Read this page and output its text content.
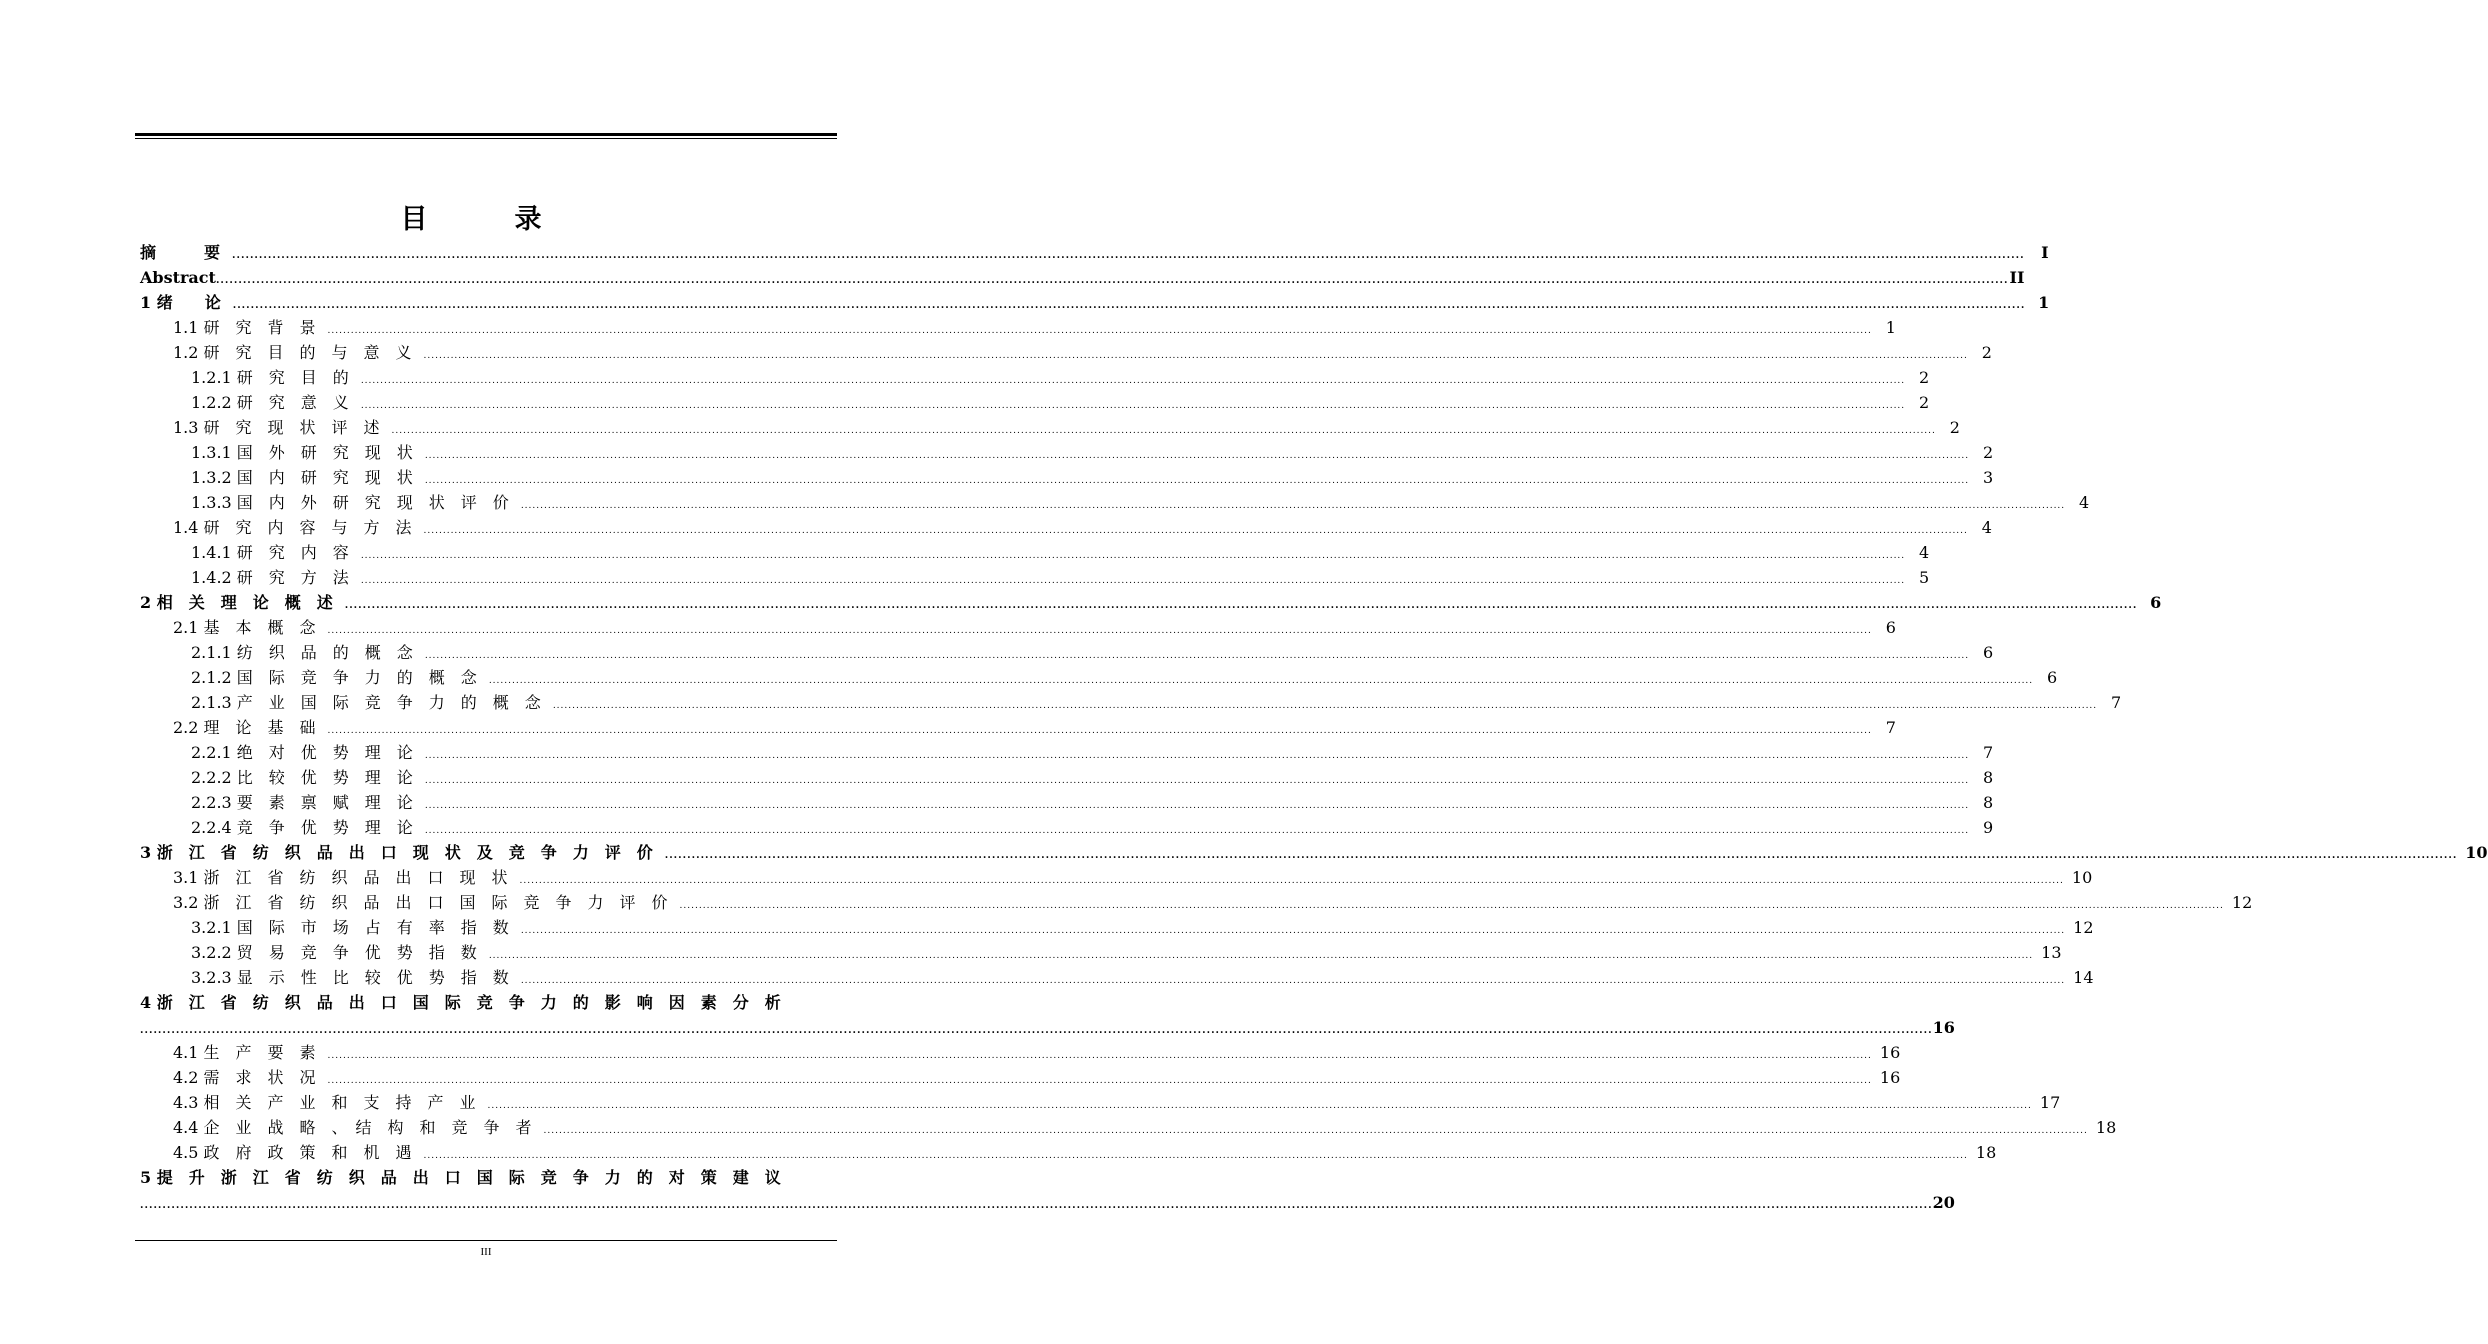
目　录
摘　　　要 ................................................................................................................................................................................................................................................................................................................................................................................................................	I
Abstract ................................................................................................................................................................................................................................................................................................................................................................................................................ II
1 绪　　论 ................................................................................................................................................................................................................................................................................................................................................................................................................ 1
1.1 研　究　背　景 ................................................................................................................................................................................................................................................................................................................................................................................................................ 1
1.2 研　究　目　的　与　意　义 ................................................................................................................................................................................................................................................................................................................................................................................................................ 2
1.2.1 研　究　目　的 ................................................................................................................................................................................................................................................................................................................................................................................................................ 2
1.2.2 研　究　意　义 ................................................................................................................................................................................................................................................................................................................................................................................................................ 2
1.3 研　究　现　状　评　述 ................................................................................................................................................................................................................................................................................................................................................................................................................ 2
1.3.1 国　外　研　究　现　状 ................................................................................................................................................................................................................................................................................................................................................................................................................ 2
1.3.2 国　内　研　究　现　状 ................................................................................................................................................................................................................................................................................................................................................................................................................ 3
1.3.3 国　内　外　研　究　现　状　评　价 ................................................................................................................................................................................................................................................................................................................................................................................................................ 4
1.4 研　究　内　容　与　方　法 ................................................................................................................................................................................................................................................................................................................................................................................................................ 4
1.4.1 研　究　内　容 ................................................................................................................................................................................................................................................................................................................................................................................................................ 4
1.4.2 研　究　方　法 ................................................................................................................................................................................................................................................................................................................................................................................................................ 5
2 相　关　理　论　概　述 ................................................................................................................................................................................................................................................................................................................................................................................................................ 6
2.1 基　本　概　念 ................................................................................................................................................................................................................................................................................................................................................................................................................ 6
2.1.1 纺　织　品　的　概　念 ................................................................................................................................................................................................................................................................................................................................................................................................................ 6
2.1.2 国　际　竞　争　力　的　概　念 ................................................................................................................................................................................................................................................................................................................................................................................................................ 6
2.1.3 产　业　国　际　竞　争　力　的　概　念 ................................................................................................................................................................................................................................................................................................................................................................................................................ 7
2.2 理　论　基　础 ................................................................................................................................................................................................................................................................................................................................................................................................................ 7
2.2.1 绝　对　优　势　理　论 ................................................................................................................................................................................................................................................................................................................................................................................................................ 7
2.2.2 比　较　优　势　理　论 ................................................................................................................................................................................................................................................................................................................................................................................................................ 8
2.2.3 要　素　禀　赋　理　论 ................................................................................................................................................................................................................................................................................................................................................................................................................ 8
2.2.4 竞　争　优　势　理　论 ................................................................................................................................................................................................................................................................................................................................................................................................................ 9
3 浙　江　省　纺　织　品　出　口　现　状　及　竞　争　力　评　价 ................................................................................................................................................................................................................................................................................................................................................................................................................ 10
3.1 浙　江　省　纺　织　品　出　口　现　状 ................................................................................................................................................................................................................................................................................................................................................................................................................ 10
3.2 浙　江　省　纺　织　品　出　口　国　际　竞　争　力　评　价 ................................................................................................................................................................................................................................................................................................................................................................................................................ 12
3.2.1 国　际　市　场　占　有　率　指　数 ................................................................................................................................................................................................................................................................................................................................................................................................................ 12
3.2.2 贸　易　竞　争　优　势　指　数 ................................................................................................................................................................................................................................................................................................................................................................................................................ 13
3.2.3 显　示　性　比　较　优　势　指　数 ................................................................................................................................................................................................................................................................................................................................................................................................................ 14
4 浙　江　省　纺　织　品　出　口　国　际　竞　争　力　的　影　响　因　素　分　析
................................................................................................................................................................................................................................................................................................................................................................................................................ 16
4.1 生　产　要　素 ................................................................................................................................................................................................................................................................................................................................................................................................................ 16
4.2 需　求　状　况 ................................................................................................................................................................................................................................................................................................................................................................................................................ 16
4.3 相　关　产　业　和　支　持　产　业 ................................................................................................................................................................................................................................................................................................................................................................................................................ 17
4.4 企　业　战　略　、　结　构　和　竞　争　者 ................................................................................................................................................................................................................................................................................................................................................................................................................ 18
4.5 政　府　政　策　和　机　遇 ................................................................................................................................................................................................................................................................................................................................................................................................................ 18
5 提　升　浙　江　省　纺　织　品　出　口　国　际　竞　争　力　的　对　策　建　议
................................................................................................................................................................................................................................................................................................................................................................................................................ 20
III
